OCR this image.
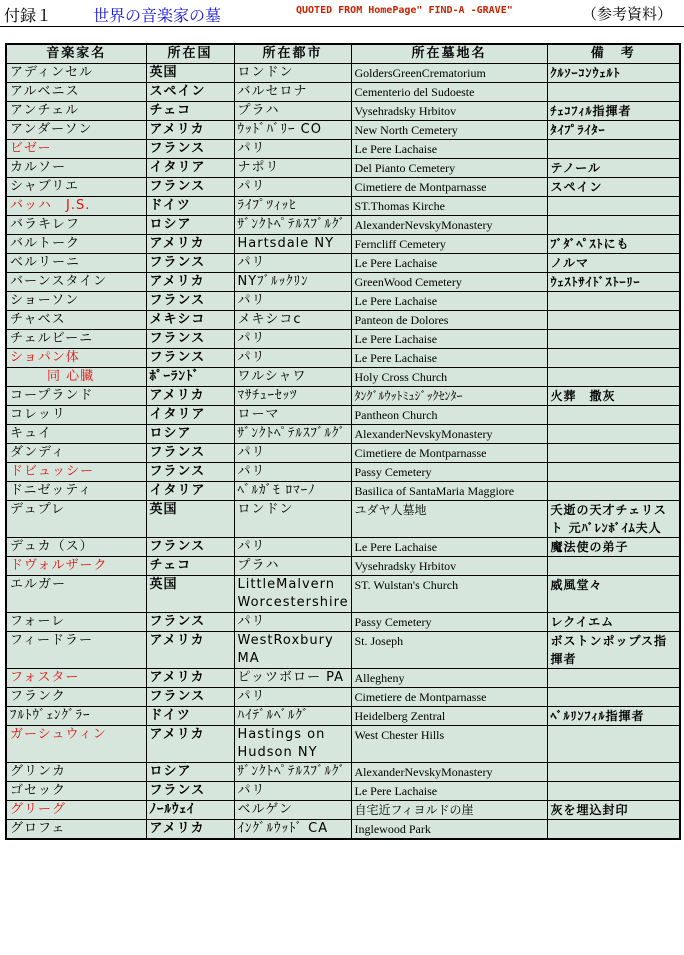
付録１	世界の音楽家の墓	QUOTED FROM HomePage" FIND-A -GRAVE"	（参考資料）
音楽家名	所在国	所在都市	所在墓地名	備　考
アディンセル	英国	ロンドン	GoldersGreenCrematorium	ｸﾙｿｰｺﾝｳｪﾙﾄ
アルベニス	スペイン	バルセロナ	Cementerio del Sudoeste	
アンチェル	チェコ	プラハ	Vysehradsky Hrbitov	ﾁｪｺﾌｨﾙ指揮者
アンダーソン	アメリカ	ｳｯﾄﾞﾊﾞﾘｰ CO	New North Cemetery	ﾀｲﾌﾟﾗｲﾀｰ
ビゼー	フランス	パリ	Le Pere Lachaise	
カルソー	イタリア	ナポリ	Del Pianto Cemetery	テノール
シャブリエ	フランス	パリ	Cimetiere de Montparnasse	スペイン
バッハ　J.S.	ドイツ	ﾗｲﾌﾟﾂｨｯﾋ	ST.Thomas Kirche	
バラキレフ	ロシア	ｻﾞﾝｸﾄﾍﾟﾃﾙｽﾌﾞﾙｸﾞ	AlexanderNevskyMonastery	
バルトーク	アメリカ	Hartsdale NY	Ferncliff Cemetery	ﾌﾞﾀﾞﾍﾟｽﾄにも
ベルリーニ	フランス	パリ	Le Pere Lachaise	ノルマ
バーンスタイン	アメリカ	NYﾌﾞﾙｯｸﾘﾝ	GreenWood Cemetery	ｳｪｽﾄｻｲﾄﾞｽﾄｰﾘｰ
ショーソン	フランス	パリ	Le Pere Lachaise	
チャベス	メキシコ	メキシコc	Panteon de Dolores	
チェルビーニ	フランス	パリ	Le Pere Lachaise	
ショパン体	フランス	パリ	Le Pere Lachaise	
同 心臓	ﾎﾟｰﾗﾝﾄﾞ	ワルシャワ	Holy Cross Church	
コープランド	アメリカ	ﾏｻﾁｭｰｾｯﾂ	ﾀﾝｸﾞﾙｳｯﾄﾐｭｼﾞｯｸｾﾝﾀｰ	火葬　撒灰
コレッリ	イタリア	ローマ	Pantheon Church	
キュイ	ロシア	ｻﾞﾝｸﾄﾍﾟﾃﾙｽﾌﾞﾙｸﾞ	AlexanderNevskyMonastery	
ダンディ	フランス	パリ	Cimetiere de Montparnasse	
ドビュッシー	フランス	パリ	Passy Cemetery	
ドニゼッティ	イタリア	ﾍﾞﾙｶﾞﾓ ﾛﾏｰﾉ	Basilica of SantaMaria Maggiore	
デュプレ	英国	ロンドン	ユダヤ人墓地	夭逝の天才チェリスト 元ﾊﾞﾚﾝﾎﾞｲﾑ夫人
デュカ（ス）	フランス	パリ	Le Pere Lachaise	魔法使の弟子
ドヴォルザーク	チェコ	プラハ	Vysehradsky Hrbitov	
エルガー	英国	LittleMalvern Worcestershire	ST. Wulstan's Church	威風堂々
フォーレ	フランス	パリ	Passy Cemetery	レクイエム
フィードラー	アメリカ	WestRoxbury MA	St. Joseph	ボストンポップス指揮者
フォスター	アメリカ	ピッツボロー PA	Allegheny	
フランク	フランス	パリ	Cimetiere de Montparnasse	
ﾌﾙﾄｳﾞｪﾝｸﾞﾗｰ	ドイツ	ﾊｲﾃﾞﾙﾍﾞﾙｸﾞ	Heidelberg Zentral	ﾍﾞﾙﾘﾝﾌｨﾙ指揮者
ガーシュウィン	アメリカ	Hastings on Hudson NY	West Chester Hills	
グリンカ	ロシア	ｻﾞﾝｸﾄﾍﾟﾃﾙｽﾌﾞﾙｸﾞ	AlexanderNevskyMonastery	
ゴセック	フランス	パリ	Le Pere Lachaise	
グリーグ	ﾉｰﾙｳｪｲ	ベルゲン	自宅近フィヨルドの崖	灰を埋込封印
グロフェ	アメリカ	ｲﾝｸﾞﾙｳｯﾄﾞ CA	Inglewood Park	
